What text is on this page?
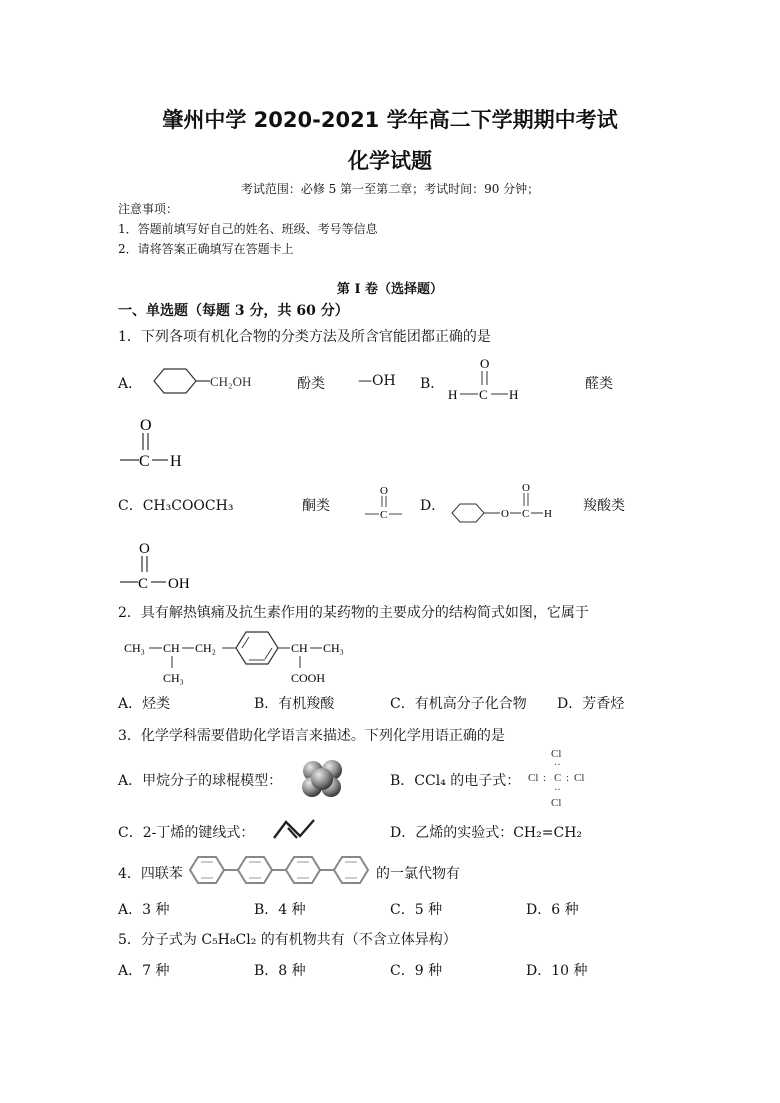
肇州中学 2020-2021 学年高二下学期期中考试
化学试题
考试范围：必修 5 第一至第二章；考试时间：90 分钟；
注意事项：
1．答题前填写好自己的姓名、班级、考号等信息
2．请将答案正确填写在答题卡上
第 I 卷（选择题）
一、单选题（每题 3 分，共 60 分）
1．下列各项有机化合物的分类方法及所含官能团都正确的是
A．	CH₂OH	酚类 —OH B．
O
H C H
醛类
O
C H
C．CH₃COOCH₃	酮类
O
C
D．	O
O
C H 羧酸类
O
C OH
2．具有解热镇痛及抗生素作用的某药物的主要成分的结构简式如图，它属于
CH₃ CH CH₂
CH₃
CH CH₃
COOH
A．烃类	B．有机羧酸	C．有机高分子化合物 D．芳香烃
3．化学学科需要借助化学语言来描述。下列化学用语正确的是
A．甲烷分子的球棍模型：	B．CCl₄ 的电子式：
Cl
··
Cl : C : Cl
··
Cl
C．2-丁烯的键线式：	D．乙烯的实验式：CH₂=CH₂
4．四联苯	的一氯代物有
A．3 种	B．4 种	C．5 种	D．6 种
5．分子式为 C₅H₈Cl₂ 的有机物共有（不含立体异构）
A．7 种	B．8 种	C．9 种	D．10 种
